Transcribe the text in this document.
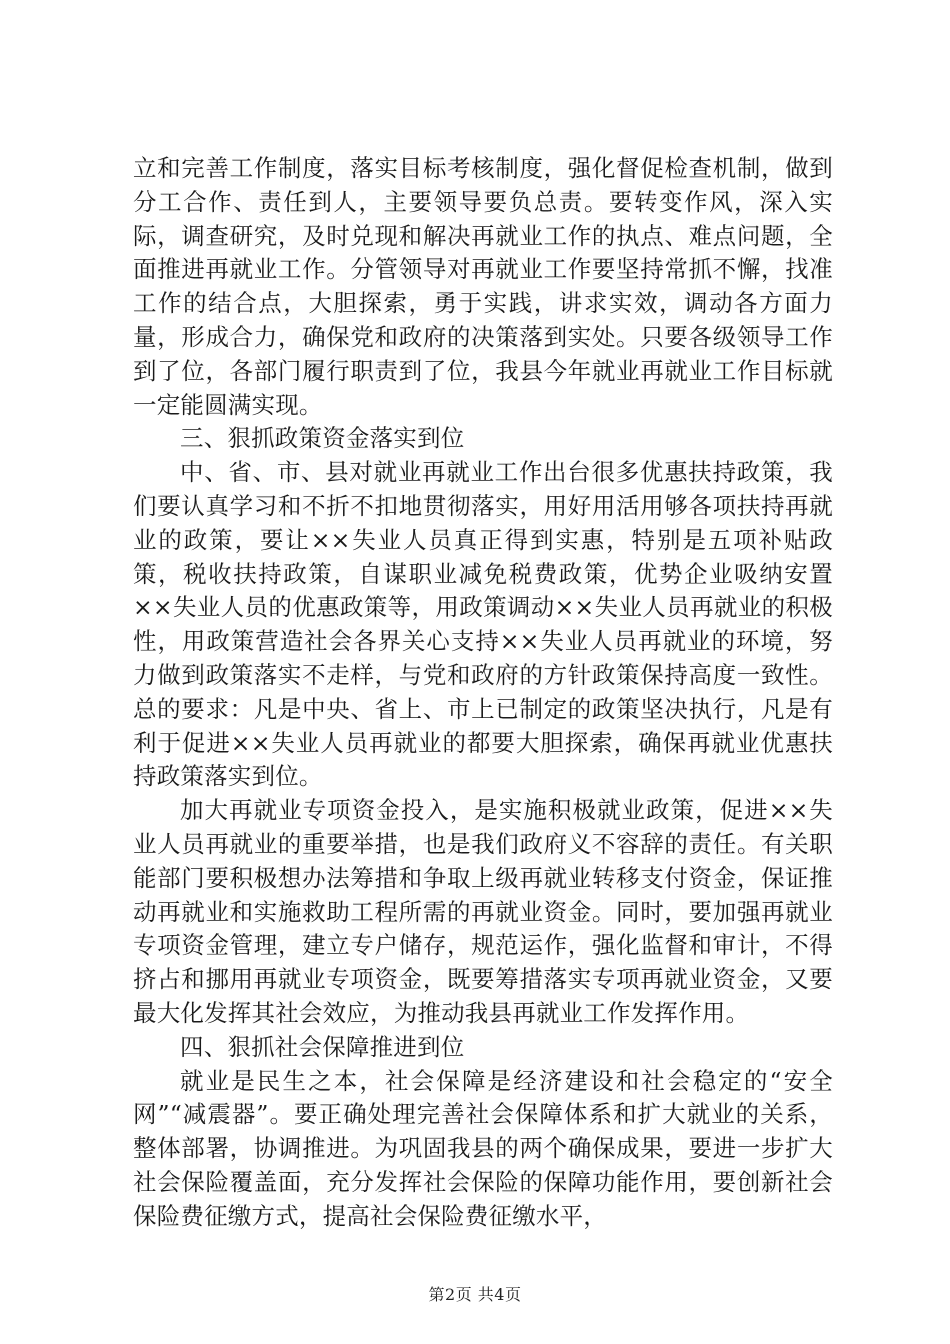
立和完善工作制度，落实目标考核制度，强化督促检查机制，做到分工合作、责任到人，主要领导要负总责。要转变作风，深入实际，调查研究，及时兑现和解决再就业工作的执点、难点问题，全面推进再就业工作。分管领导对再就业工作要坚持常抓不懈，找准工作的结合点，大胆探索，勇于实践，讲求实效，调动各方面力量，形成合力，确保党和政府的决策落到实处。只要各级领导工作到了位，各部门履行职责到了位，我县今年就业再就业工作目标就一定能圆满实现。

三、狠抓政策资金落实到位

中、省、市、县对就业再就业工作出台很多优惠扶持政策，我们要认真学习和不折不扣地贯彻落实，用好用活用够各项扶持再就业的政策，要让××失业人员真正得到实惠，特别是五项补贴政策，税收扶持政策，自谋职业减免税费政策，优势企业吸纳安置××失业人员的优惠政策等，用政策调动××失业人员再就业的积极性，用政策营造社会各界关心支持××失业人员再就业的环境，努力做到政策落实不走样，与党和政府的方针政策保持高度一致性。总的要求：凡是中央、省上、市上已制定的政策坚决执行，凡是有利于促进××失业人员再就业的都要大胆探索，确保再就业优惠扶持政策落实到位。

加大再就业专项资金投入，是实施积极就业政策，促进××失业人员再就业的重要举措，也是我们政府义不容辞的责任。有关职能部门要积极想办法筹措和争取上级再就业转移支付资金，保证推动再就业和实施救助工程所需的再就业资金。同时，要加强再就业专项资金管理，建立专户储存，规范运作，强化监督和审计，不得挤占和挪用再就业专项资金，既要筹措落实专项再就业资金，又要最大化发挥其社会效应，为推动我县再就业工作发挥作用。

四、狠抓社会保障推进到位

就业是民生之本，社会保障是经济建设和社会稳定的“安全网”“减震器”。要正确处理完善社会保障体系和扩大就业的关系，整体部署，协调推进。为巩固我县的两个确保成果，要进一步扩大社会保险覆盖面，充分发挥社会保险的保障功能作用，要创新社会保险费征缴方式，提高社会保险费征缴水平，

第2页 共4页
